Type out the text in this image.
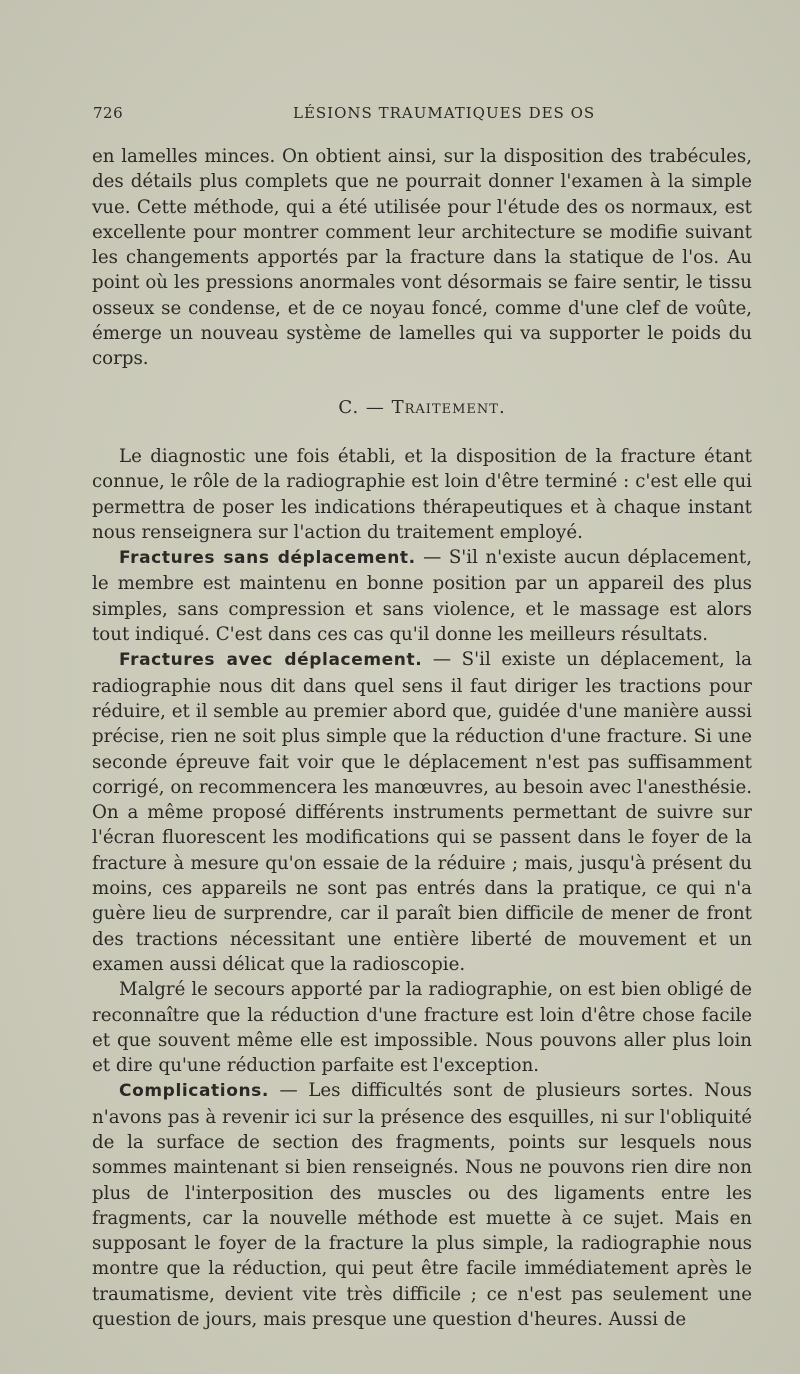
726	LÉSIONS TRAUMATIQUES DES OS

en lamelles minces. On obtient ainsi, sur la disposition des trabécules, des détails plus complets que ne pourrait donner l'examen à la simple vue. Cette méthode, qui a été utilisée pour l'étude des os normaux, est excellente pour montrer comment leur architecture se modifie suivant les changements apportés par la fracture dans la statique de l'os. Au point où les pressions anormales vont désormais se faire sentir, le tissu osseux se condense, et de ce noyau foncé, comme d'une clef de voûte, émerge un nouveau système de lamelles qui va supporter le poids du corps.

C. — Traitement.

Le diagnostic une fois établi, et la disposition de la fracture étant connue, le rôle de la radiographie est loin d'être terminé : c'est elle qui permettra de poser les indications thérapeutiques et à chaque instant nous renseignera sur l'action du traitement employé.

Fractures sans déplacement. — S'il n'existe aucun déplacement, le membre est maintenu en bonne position par un appareil des plus simples, sans compression et sans violence, et le massage est alors tout indiqué. C'est dans ces cas qu'il donne les meilleurs résultats.

Fractures avec déplacement. — S'il existe un déplacement, la radiographie nous dit dans quel sens il faut diriger les tractions pour réduire, et il semble au premier abord que, guidée d'une manière aussi précise, rien ne soit plus simple que la réduction d'une fracture. Si une seconde épreuve fait voir que le déplacement n'est pas suffisamment corrigé, on recommencera les manœuvres, au besoin avec l'anesthésie. On a même proposé différents instruments permettant de suivre sur l'écran fluorescent les modifications qui se passent dans le foyer de la fracture à mesure qu'on essaie de la réduire ; mais, jusqu'à présent du moins, ces appareils ne sont pas entrés dans la pratique, ce qui n'a guère lieu de surprendre, car il paraît bien difficile de mener de front des tractions nécessitant une entière liberté de mouvement et un examen aussi délicat que la radioscopie.

Malgré le secours apporté par la radiographie, on est bien obligé de reconnaître que la réduction d'une fracture est loin d'être chose facile et que souvent même elle est impossible. Nous pouvons aller plus loin et dire qu'une réduction parfaite est l'exception.

Complications. — Les difficultés sont de plusieurs sortes. Nous n'avons pas à revenir ici sur la présence des esquilles, ni sur l'obliquité de la surface de section des fragments, points sur lesquels nous sommes maintenant si bien renseignés. Nous ne pouvons rien dire non plus de l'interposition des muscles ou des ligaments entre les fragments, car la nouvelle méthode est muette à ce sujet. Mais en supposant le foyer de la fracture la plus simple, la radiographie nous montre que la réduction, qui peut être facile immédiatement après le traumatisme, devient vite très difficile ; ce n'est pas seulement une question de jours, mais presque une question d'heures. Aussi de
